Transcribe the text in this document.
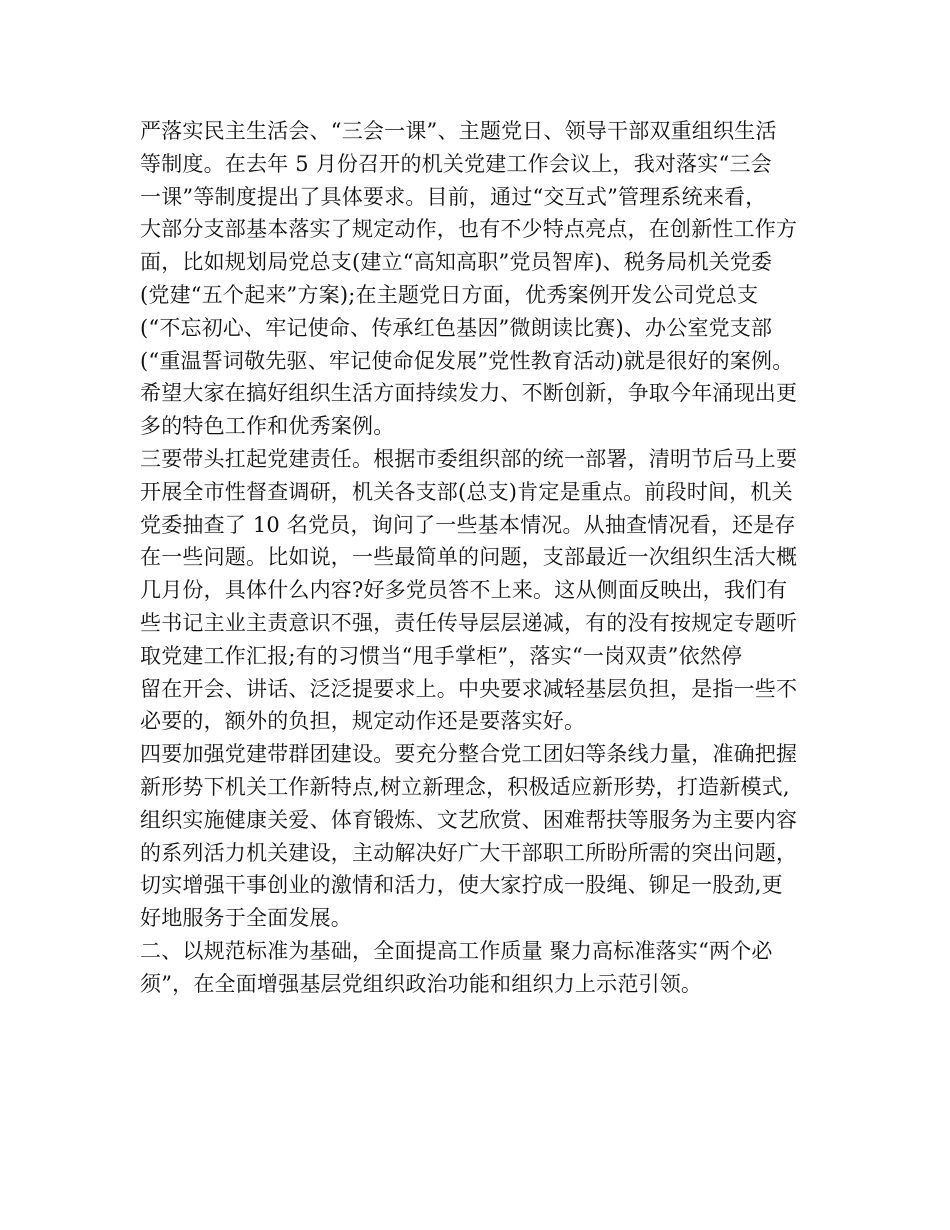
严落实民主生活会、“三会一课”、主题党日、领导干部双重组织生活
等制度。在去年 5 月份召开的机关党建工作会议上，我对落实“三会
一课”等制度提出了具体要求。目前，通过“交互式”管理系统来看，
大部分支部基本落实了规定动作，也有不少特点亮点，在创新性工作方
面，比如规划局党总支(建立“高知高职”党员智库)、税务局机关党委
(党建“五个起来”方案);在主题党日方面，优秀案例开发公司党总支
(“不忘初心、牢记使命、传承红色基因”微朗读比赛)、办公室党支部
(“重温誓词敬先驱、牢记使命促发展”党性教育活动)就是很好的案例。
希望大家在搞好组织生活方面持续发力、不断创新，争取今年涌现出更
多的特色工作和优秀案例。
三要带头扛起党建责任。根据市委组织部的统一部署，清明节后马上要
开展全市性督查调研，机关各支部(总支)肯定是重点。前段时间，机关
党委抽查了 10 名党员，询问了一些基本情况。从抽查情况看，还是存
在一些问题。比如说，一些最简单的问题，支部最近一次组织生活大概
几月份，具体什么内容?好多党员答不上来。这从侧面反映出，我们有
些书记主业主责意识不强，责任传导层层递减，有的没有按规定专题听
取党建工作汇报;有的习惯当“甩手掌柜”，落实“一岗双责”依然停
留在开会、讲话、泛泛提要求上。中央要求减轻基层负担，是指一些不
必要的，额外的负担，规定动作还是要落实好。
四要加强党建带群团建设。要充分整合党工团妇等条线力量，准确把握
新形势下机关工作新特点,树立新理念，积极适应新形势，打造新模式,
组织实施健康关爱、体育锻炼、文艺欣赏、困难帮扶等服务为主要内容
的系列活力机关建设，主动解决好广大干部职工所盼所需的突出问题，
切实增强干事创业的激情和活力，使大家拧成一股绳、铆足一股劲,更
好地服务于全面发展。
二、以规范标准为基础，全面提高工作质量 聚力高标准落实“两个必
须”，在全面增强基层党组织政治功能和组织力上示范引领。
